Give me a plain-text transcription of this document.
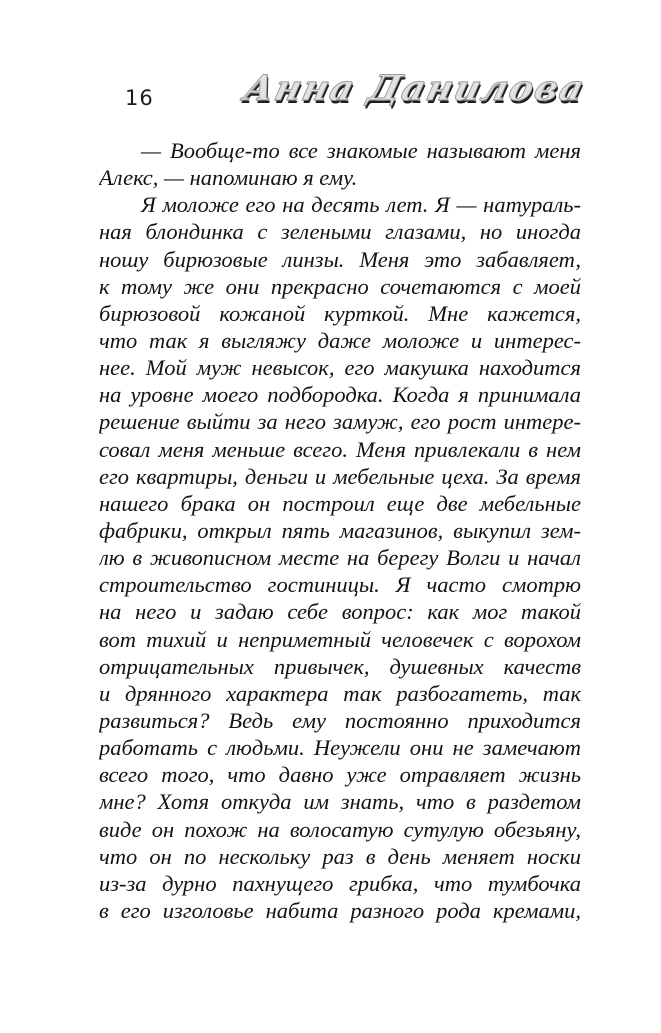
16 Анна Данилова
— Вообще-то все знакомые называют меня
Алекс, — напоминаю я ему.
Я моложе его на десять лет. Я — натураль-
ная блондинка с зелеными глазами, но иногда
ношу бирюзовые линзы. Меня это забавляет,
к тому же они прекрасно сочетаются с моей
бирюзовой кожаной курткой. Мне кажется,
что так я выгляжу даже моложе и интерес-
нее. Мой муж невысок, его макушка находится
на уровне моего подбородка. Когда я принимала
решение выйти за него замуж, его рост интере-
совал меня меньше всего. Меня привлекали в нем
его квартиры, деньги и мебельные цеха. За время
нашего брака он построил еще две мебельные
фабрики, открыл пять магазинов, выкупил зем-
лю в живописном месте на берегу Волги и начал
строительство гостиницы. Я часто смотрю
на него и задаю себе вопрос: как мог такой
вот тихий и неприметный человечек с ворохом
отрицательных привычек, душевных качеств
и дрянного характера так разбогатеть, так
развиться? Ведь ему постоянно приходится
работать с людьми. Неужели они не замечают
всего того, что давно уже отравляет жизнь
мне? Хотя откуда им знать, что в раздетом
виде он похож на волосатую сутулую обезьяну,
что он по нескольку раз в день меняет носки
из-за дурно пахнущего грибка, что тумбочка
в его изголовье набита разного рода кремами,
